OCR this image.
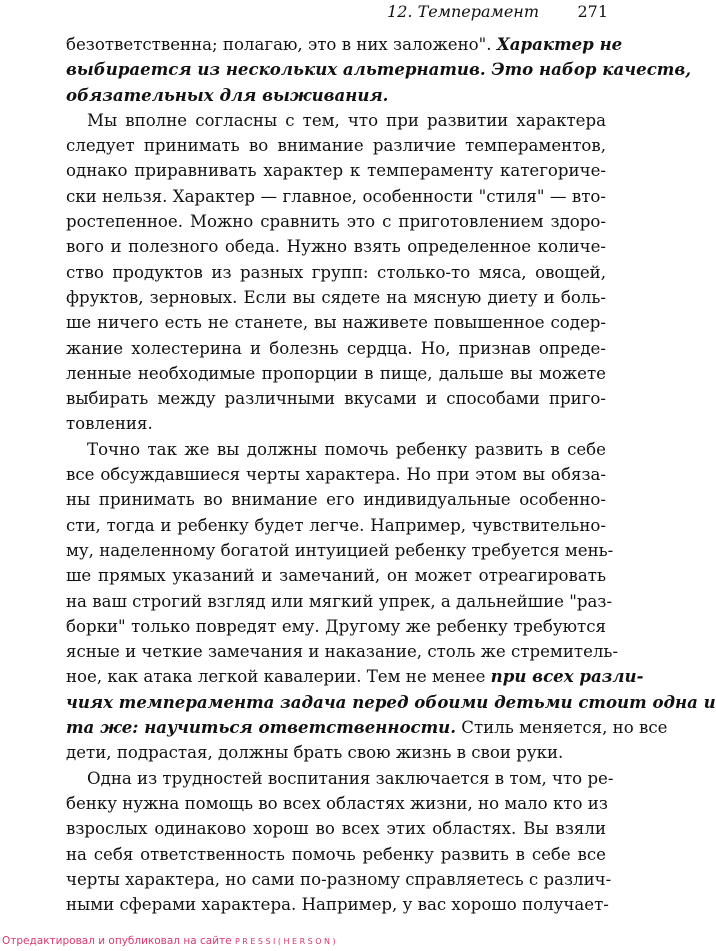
12. Темперамент 271
безответственна; полагаю, это в них заложено". Характер не
выбирается из нескольких альтернатив. Это набор качеств,
обязательных для выживания.
Мы вполне согласны с тем, что при развитии характера
следует принимать во внимание различие темпераментов,
однако приравнивать характер к темпераменту категориче-
ски нельзя. Характер — главное, особенности "стиля" — вто-
ростепенное. Можно сравнить это с приготовлением здоро-
вого и полезного обеда. Нужно взять определенное количе-
ство продуктов из разных групп: столько-то мяса, овощей,
фруктов, зерновых. Если вы сядете на мясную диету и боль-
ше ничего есть не станете, вы наживете повышенное содер-
жание холестерина и болезнь сердца. Но, признав опреде-
ленные необходимые пропорции в пище, дальше вы можете
выбирать между различными вкусами и способами приго-
товления.
Точно так же вы должны помочь ребенку развить в себе
все обсуждавшиеся черты характера. Но при этом вы обяза-
ны принимать во внимание его индивидуальные особенно-
сти, тогда и ребенку будет легче. Например, чувствительно-
му, наделенному богатой интуицией ребенку требуется мень-
ше прямых указаний и замечаний, он может отреагировать
на ваш строгий взгляд или мягкий упрек, а дальнейшие "раз-
борки" только повредят ему. Другому же ребенку требуются
ясные и четкие замечания и наказание, столь же стремитель-
ное, как атака легкой кавалерии. Тем не менее при всех разли-
чиях темперамента задача перед обоими детьми стоит одна и
та же: научиться ответственности. Стиль меняется, но все
дети, подрастая, должны брать свою жизнь в свои руки.
Одна из трудностей воспитания заключается в том, что ре-
бенку нужна помощь во всех областях жизни, но мало кто из
взрослых одинаково хорош во всех этих областях. Вы взяли
на себя ответственность помочь ребенку развить в себе все
черты характера, но сами по-разному справляетесь с различ-
ными сферами характера. Например, у вас хорошо получает-
Отредактировал и опубликовал на сайте PRESSI(HERSON)
